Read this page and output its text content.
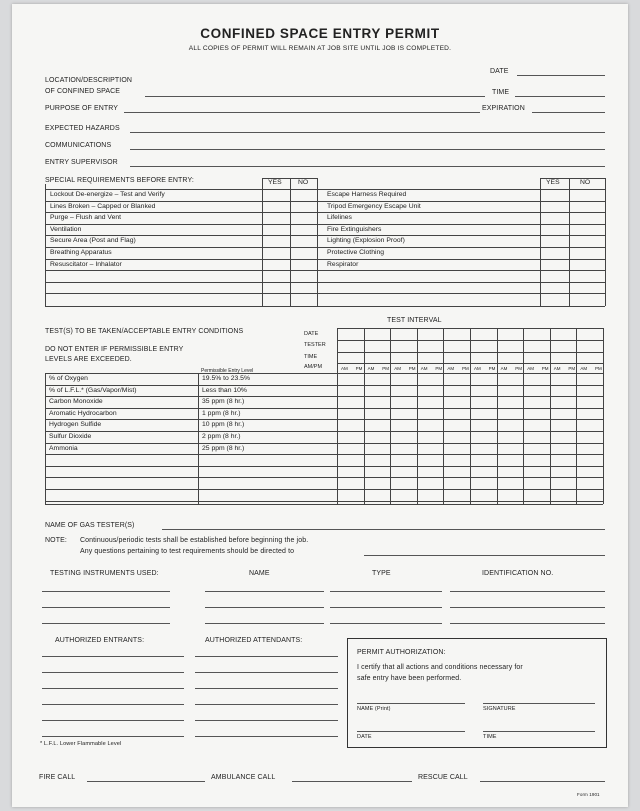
CONFINED SPACE ENTRY PERMIT
ALL COPIES OF PERMIT WILL REMAIN AT JOB SITE UNTIL JOB IS COMPLETED.
DATE
LOCATION/DESCRIPTION
OF CONFINED SPACE	TIME
PURPOSE OF ENTRY	EXPIRATION
EXPECTED HAZARDS
COMMUNICATIONS
ENTRY SUPERVISOR
SPECIAL REQUIREMENTS BEFORE ENTRY:	YES NO	YES	NO
Lockout De-energize – Test and Verify	Escape Harness Required
Lines Broken – Capped or Blanked	Tripod Emergency Escape Unit
Purge – Flush and Vent	Lifelines
Ventilation	Fire Extinguishers
Secure Area (Post and Flag)	Lighting (Explosion Proof)
Breathing Apparatus	Protective Clothing
Resuscitator – Inhalator	Respirator
TEST(S) TO BE TAKEN/ACCEPTABLE ENTRY CONDITIONS
DO NOT ENTER IF PERMISSIBLE ENTRY
LEVELS ARE EXCEEDED.
TEST INTERVAL
DATE
TESTER
TIME
AM/PM	AM PM AM PM AM PM AM PM AM PM AM PM AM PM AM PM AM PM AM PM
Permissible Entry Level
% of Oxygen	19.5% to 23.5%
% of L.F.L.* (Gas/Vapor/Mist)	Less than 10%
Carbon Monoxide	35 ppm (8 hr.)
Aromatic Hydrocarbon	1 ppm (8 hr.)
Hydrogen Sulfide	10 ppm (8 hr.)
Sulfur Dioxide	2 ppm (8 hr.)
Ammonia	25 ppm (8 hr.)
NAME OF GAS TESTER(S)
NOTE: Continuous/periodic tests shall be established before beginning the job.
Any questions pertaining to test requirements should be directed to
TESTING INSTRUMENTS USED:	NAME	TYPE	IDENTIFICATION NO.
AUTHORIZED ENTRANTS:	AUTHORIZED ATTENDANTS:
PERMIT AUTHORIZATION:
I certify that all actions and conditions necessary for
safe entry have been performed.
NAME (Print)	SIGNATURE
DATE	TIME
* L.F.L. Lower Flammable Level
FIRE CALL	AMBULANCE CALL	RESCUE CALL
Form 1901
